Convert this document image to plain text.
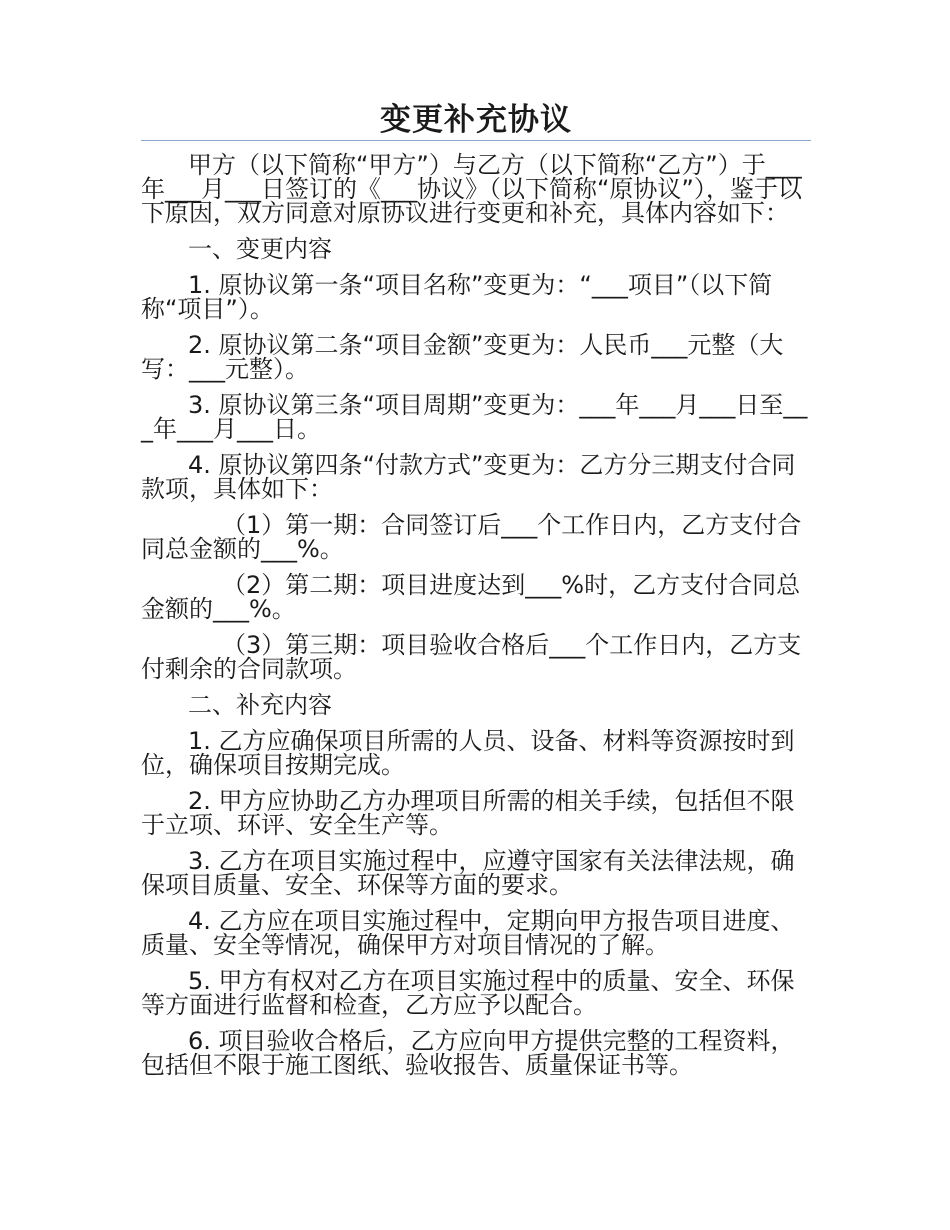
变更补充协议

甲方（以下简称“甲方”）与乙方（以下简称“乙方”）于___年___月___日签订的《___协议》（以下简称“原协议”），鉴于以下原因，双方同意对原协议进行变更和补充，具体内容如下：

一、变更内容

1. 原协议第一条“项目名称”变更为：“___项目”（以下简称“项目”）。

2. 原协议第二条“项目金额”变更为：人民币___元整（大写：___元整）。

3. 原协议第三条“项目周期”变更为：___年___月___日至___年___月___日。

4. 原协议第四条“付款方式”变更为：乙方分三期支付合同款项，具体如下：

（1）第一期：合同签订后___个工作日内，乙方支付合同总金额的___%。

（2）第二期：项目进度达到___%时，乙方支付合同总金额的___%。

（3）第三期：项目验收合格后___个工作日内，乙方支付剩余的合同款项。

二、补充内容

1. 乙方应确保项目所需的人员、设备、材料等资源按时到位，确保项目按期完成。

2. 甲方应协助乙方办理项目所需的相关手续，包括但不限于立项、环评、安全生产等。

3. 乙方在项目实施过程中，应遵守国家有关法律法规，确保项目质量、安全、环保等方面的要求。

4. 乙方应在项目实施过程中，定期向甲方报告项目进度、质量、安全等情况，确保甲方对项目情况的了解。

5. 甲方有权对乙方在项目实施过程中的质量、安全、环保等方面进行监督和检查，乙方应予以配合。

6. 项目验收合格后，乙方应向甲方提供完整的工程资料，包括但不限于施工图纸、验收报告、质量保证书等。
